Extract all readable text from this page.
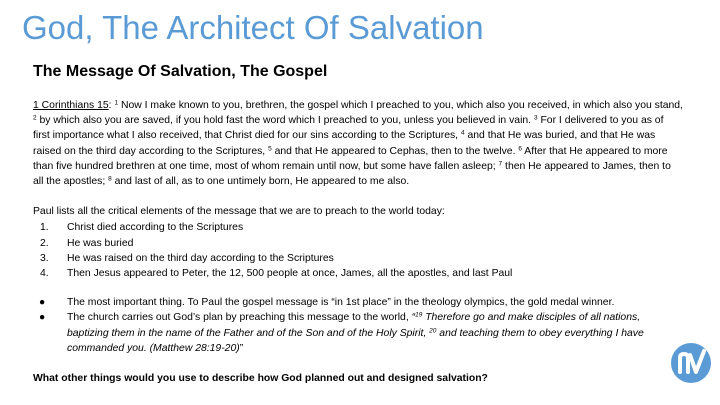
God, The Architect Of Salvation
The Message Of Salvation, The Gospel

1 Corinthians 15: $^1$ Now I make known to you, brethren, the gospel which I preached to you, which also you received, in which also you stand, $^2$ by which also you are saved, if you hold fast the word which I preached to you, unless you believed in vain. $^3$ For I delivered to you as of first importance what I also received, that Christ died for our sins according to the Scriptures, $^4$ and that He was buried, and that He was raised on the third day according to the Scriptures, $^5$ and that He appeared to Cephas, then to the twelve. $^6$ After that He appeared to more than five hundred brethren at one time, most of whom remain until now, but some have fallen asleep; $^7$ then He appeared to James, then to all the apostles; $^8$ and last of all, as to one untimely born, He appeared to me also.

Paul lists all the critical elements of the message that we are to preach to the world today:

1. Christ died according to the Scriptures
2. He was buried
3. He was raised on the third day according to the Scriptures
4. Then Jesus appeared to Peter, the 12, 500 people at once, James, all the apostles, and last Paul
● The most important thing. To Paul the gospel message is “in 1st place” in the theology olympics, the gold medal winner.
● The church carries out God’s plan by preaching this message to the world, “$^{19}$ Therefore go and make disciples of all nations, baptizing them in the name of the Father and of the Son and of the Holy Spirit, $^{20}$ and teaching them to obey everything I have commanded you. (Matthew 28:19-20)”

What other things would you use to describe how God planned out and designed salvation?
